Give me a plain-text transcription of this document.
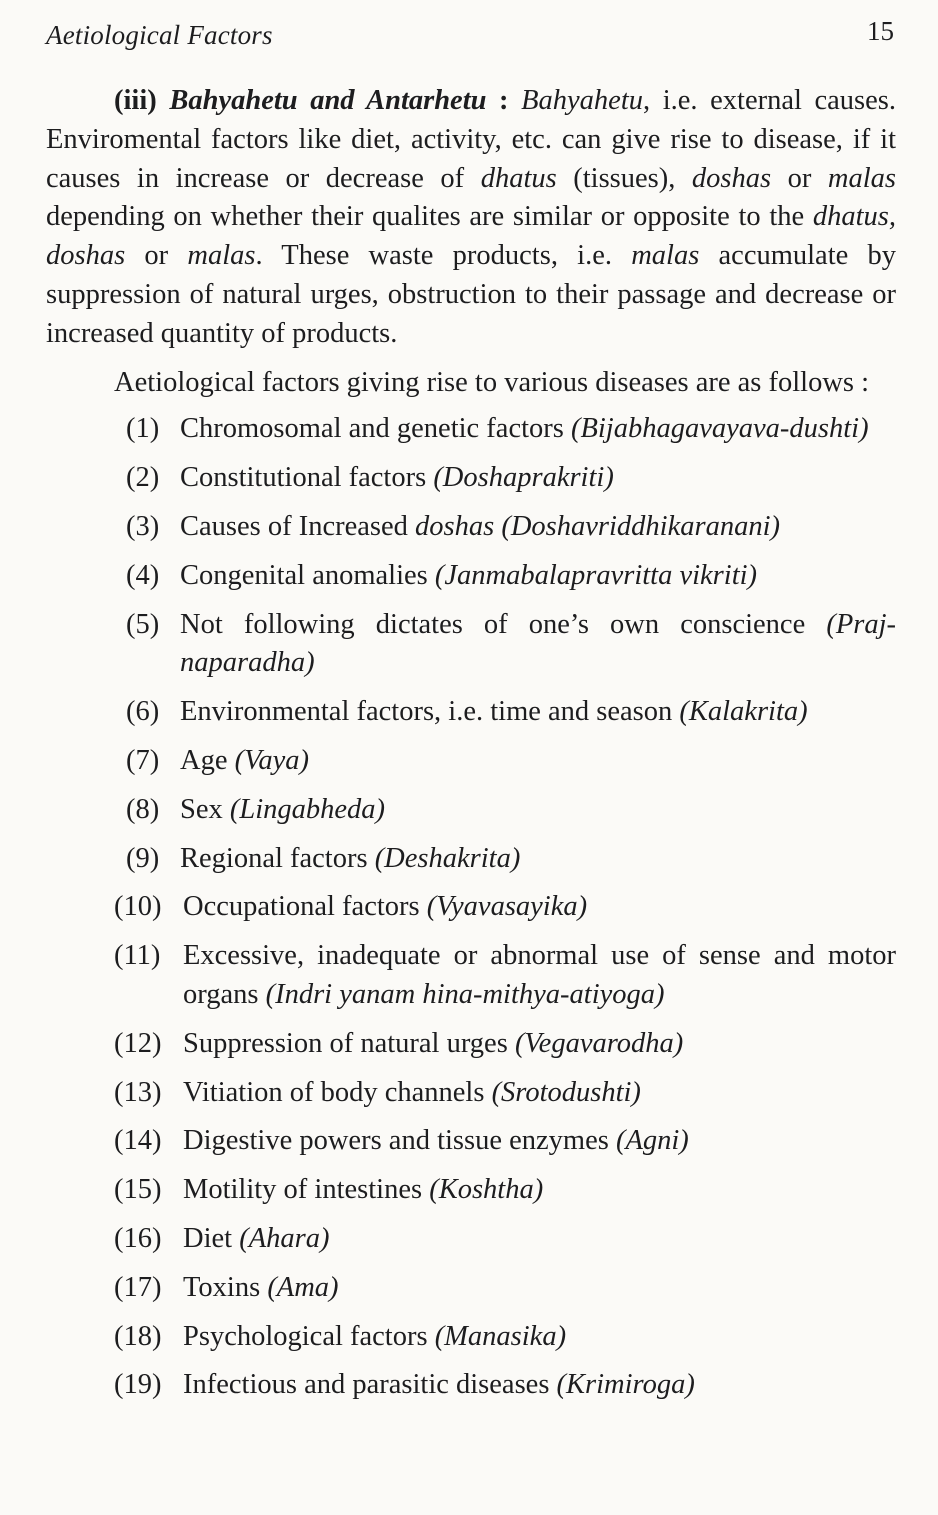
Aetiological Factors	15

(iii) Bahyahetu and Antarhetu : Bahyahetu, i.e. external causes. Enviromental factors like diet, activity, etc. can give rise to disease, if it causes in increase or decrease of dhatus (tissues), doshas or malas depending on whether their qualites are similar or opposite to the dhatus, doshas or malas. These waste products, i.e. malas accumulate by suppression of natural urges, obstruction to their passage and decrease or increased quantity of products.

Aetiological factors giving rise to various diseases are as follows :

(1) Chromosomal and genetic factors (Bijabhagavayava-dushti)
(2) Constitutional factors (Doshaprakriti)
(3) Causes of Increased doshas (Doshavriddhikaranani)
(4) Congenital anomalies (Janmabalapravritta vikriti)
(5) Not following dictates of one’s own conscience (Praj-naparadha)
(6) Environmental factors, i.e. time and season (Kalakrita)
(7) Age (Vaya)
(8) Sex (Lingabheda)
(9) Regional factors (Deshakrita)
(10) Occupational factors (Vyavasayika)
(11) Excessive, inadequate or abnormal use of sense and motor organs (Indri yanam hina-mithya-atiyoga)
(12) Suppression of natural urges (Vegavarodha)
(13) Vitiation of body channels (Srotodushti)
(14) Digestive powers and tissue enzymes (Agni)
(15) Motility of intestines (Koshtha)
(16) Diet (Ahara)
(17) Toxins (Ama)
(18) Psychological factors (Manasika)
(19) Infectious and parasitic diseases (Krimiroga)
